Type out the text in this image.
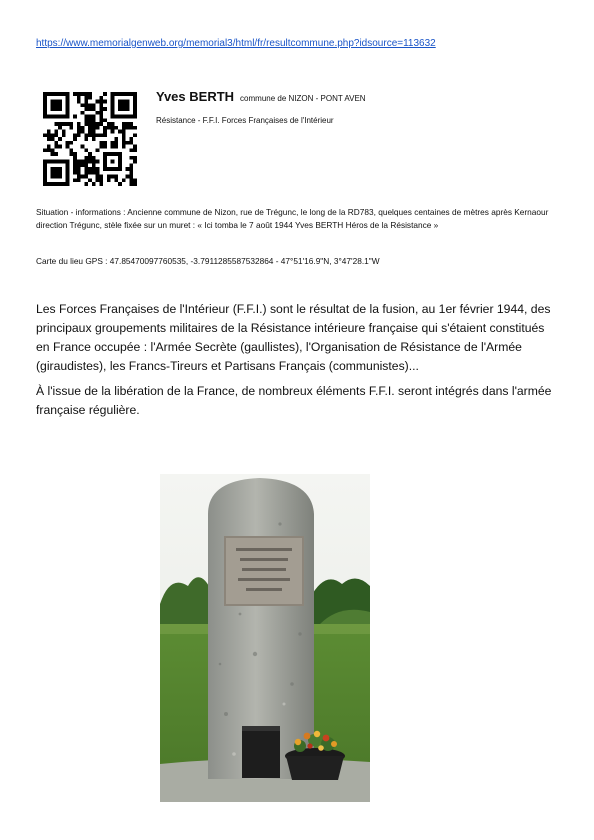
https://www.memorialgenweb.org/memorial3/html/fr/resultcommune.php?idsource=113632
Yves BERTH commune de NIZON - PONT AVEN
Résistance - F.F.I. Forces Françaises de l'Intérieur
Situation - informations : Ancienne commune de Nizon, rue de Trégunc, le long de la RD783, quelques centaines de mètres après Kernaour direction Trégunc, stèle fixée sur un muret : « Ici tomba le 7 août 1944 Yves BERTH Héros de la Résistance »
Carte du lieu GPS : 47.85470097760535, -3.7911285587532864 - 47°51'16.9"N, 3°47'28.1"W
Les Forces Françaises de l'Intérieur (F.F.I.) sont le résultat de la fusion, au 1er février 1944, des principaux groupements militaires de la Résistance intérieure française qui s'étaient constitués en France occupée : l'Armée Secrète (gaullistes), l'Organisation de Résistance de l'Armée (giraudistes), les Francs-Tireurs et Partisans Français (communistes)...
À l'issue de la libération de la France, de nombreux éléments F.F.I. seront intégrés dans l'armée française régulière.
